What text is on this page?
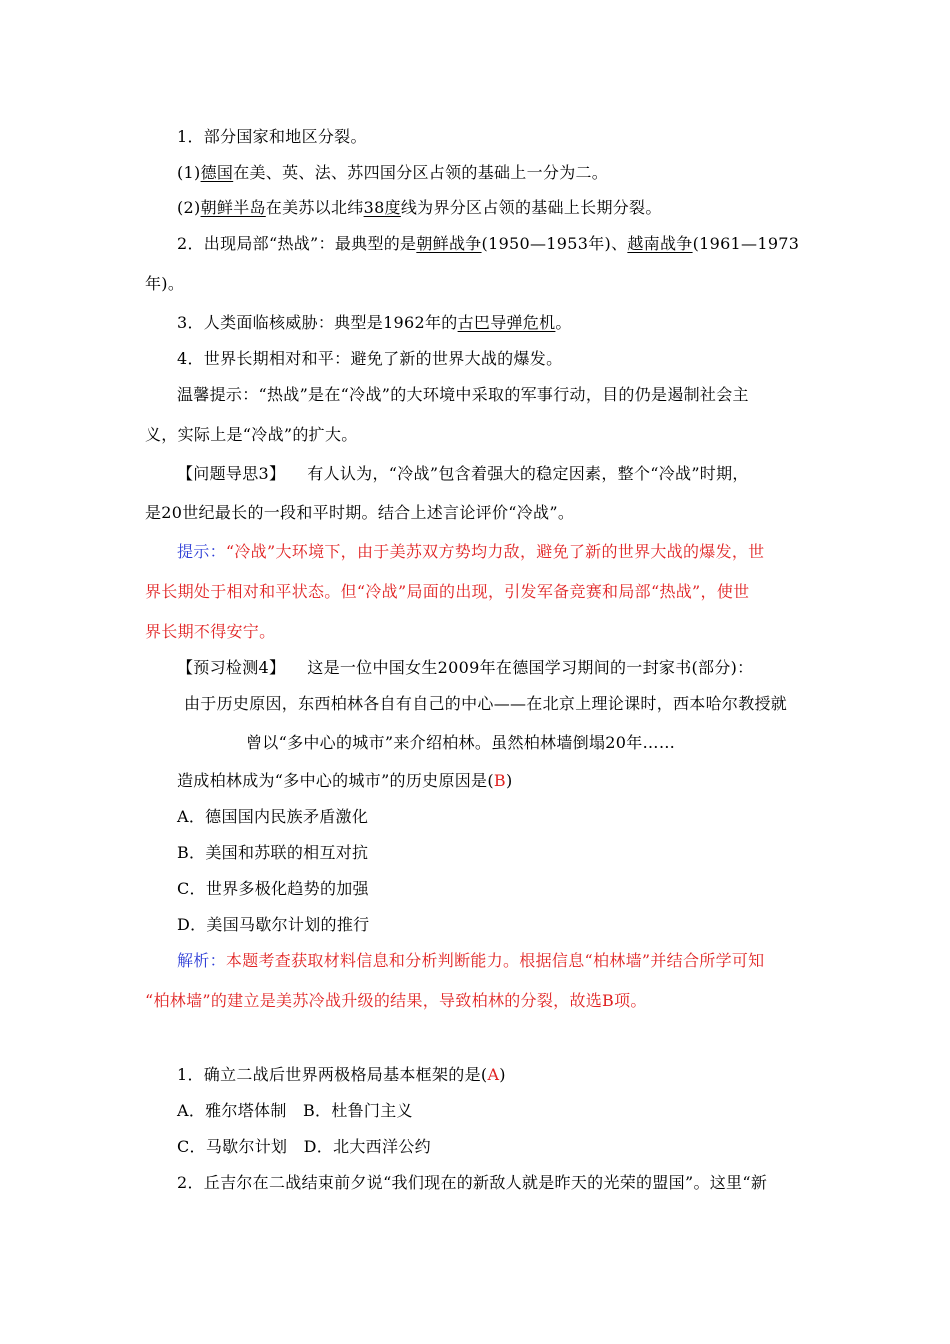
1．部分国家和地区分裂。
(1)德国在美、英、法、苏四国分区占领的基础上一分为二。
(2)朝鲜半岛在美苏以北纬38度线为界分区占领的基础上长期分裂。
2．出现局部“热战”：最典型的是朝鲜战争(1950—1953年)、越南战争(1961—1973
年)。
3．人类面临核威胁：典型是1962年的古巴导弹危机。
4．世界长期相对和平：避免了新的世界大战的爆发。
温馨提示：“热战”是在“冷战”的大环境中采取的军事行动，目的仍是遏制社会主
义，实际上是“冷战”的扩大。
【问题导思3】 有人认为，“冷战”包含着强大的稳定因素，整个“冷战”时期，
是20世纪最长的一段和平时期。结合上述言论评价“冷战”。
提示：“冷战”大环境下，由于美苏双方势均力敌，避免了新的世界大战的爆发，世
界长期处于相对和平状态。但“冷战”局面的出现，引发军备竞赛和局部“热战”，使世
界长期不得安宁。
【预习检测4】 这是一位中国女生2009年在德国学习期间的一封家书(部分)：
由于历史原因，东西柏林各自有自己的中心——在北京上理论课时，西本哈尔教授就
曾以“多中心的城市”来介绍柏林。虽然柏林墙倒塌20年……
造成柏林成为“多中心的城市”的历史原因是(B)
A．德国国内民族矛盾激化
B．美国和苏联的相互对抗
C．世界多极化趋势的加强
D．美国马歇尔计划的推行
解析：本题考查获取材料信息和分析判断能力。根据信息“柏林墙”并结合所学可知
“柏林墙”的建立是美苏冷战升级的结果，导致柏林的分裂，故选B项。
1．确立二战后世界两极格局基本框架的是(A)
A．雅尔塔体制　B．杜鲁门主义
C．马歇尔计划　D．北大西洋公约
2．丘吉尔在二战结束前夕说“我们现在的新敌人就是昨天的光荣的盟国”。这里“新
